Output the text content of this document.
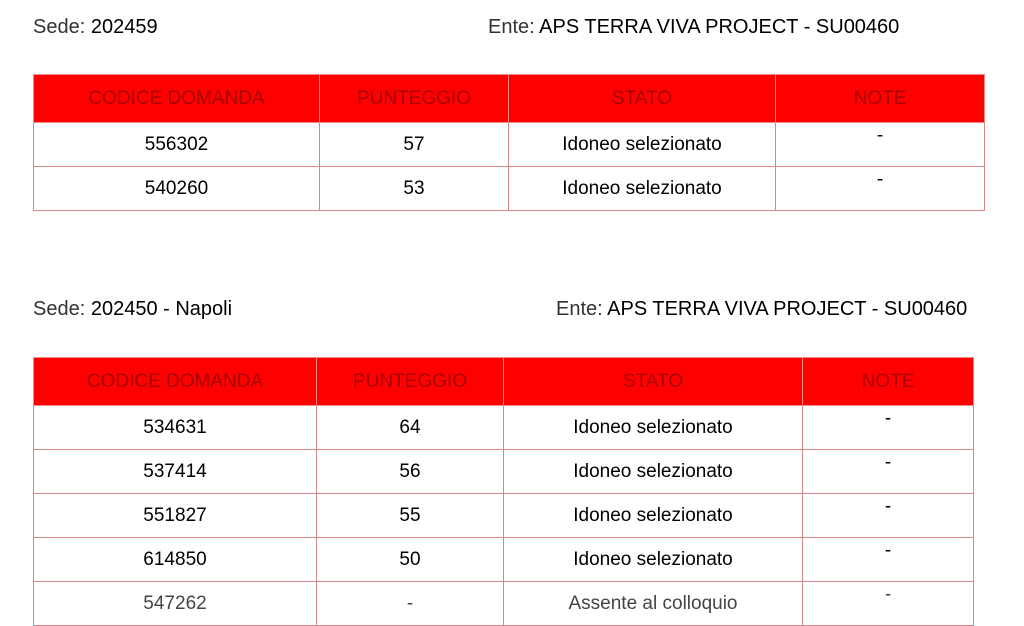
Sede: 202459	Ente: APS TERRA VIVA PROJECT - SU00460
CODICE DOMANDA	PUNTEGGIO	STATO	NOTE
556302	57	Idoneo selezionato	-
540260	53	Idoneo selezionato	-
Sede: 202450 - Napoli	Ente: APS TERRA VIVA PROJECT - SU00460
CODICE DOMANDA	PUNTEGGIO	STATO	NOTE
534631	64	Idoneo selezionato	-
537414	56	Idoneo selezionato	-
551827	55	Idoneo selezionato	-
614850	50	Idoneo selezionato	-
547262	-	Assente al colloquio	-
